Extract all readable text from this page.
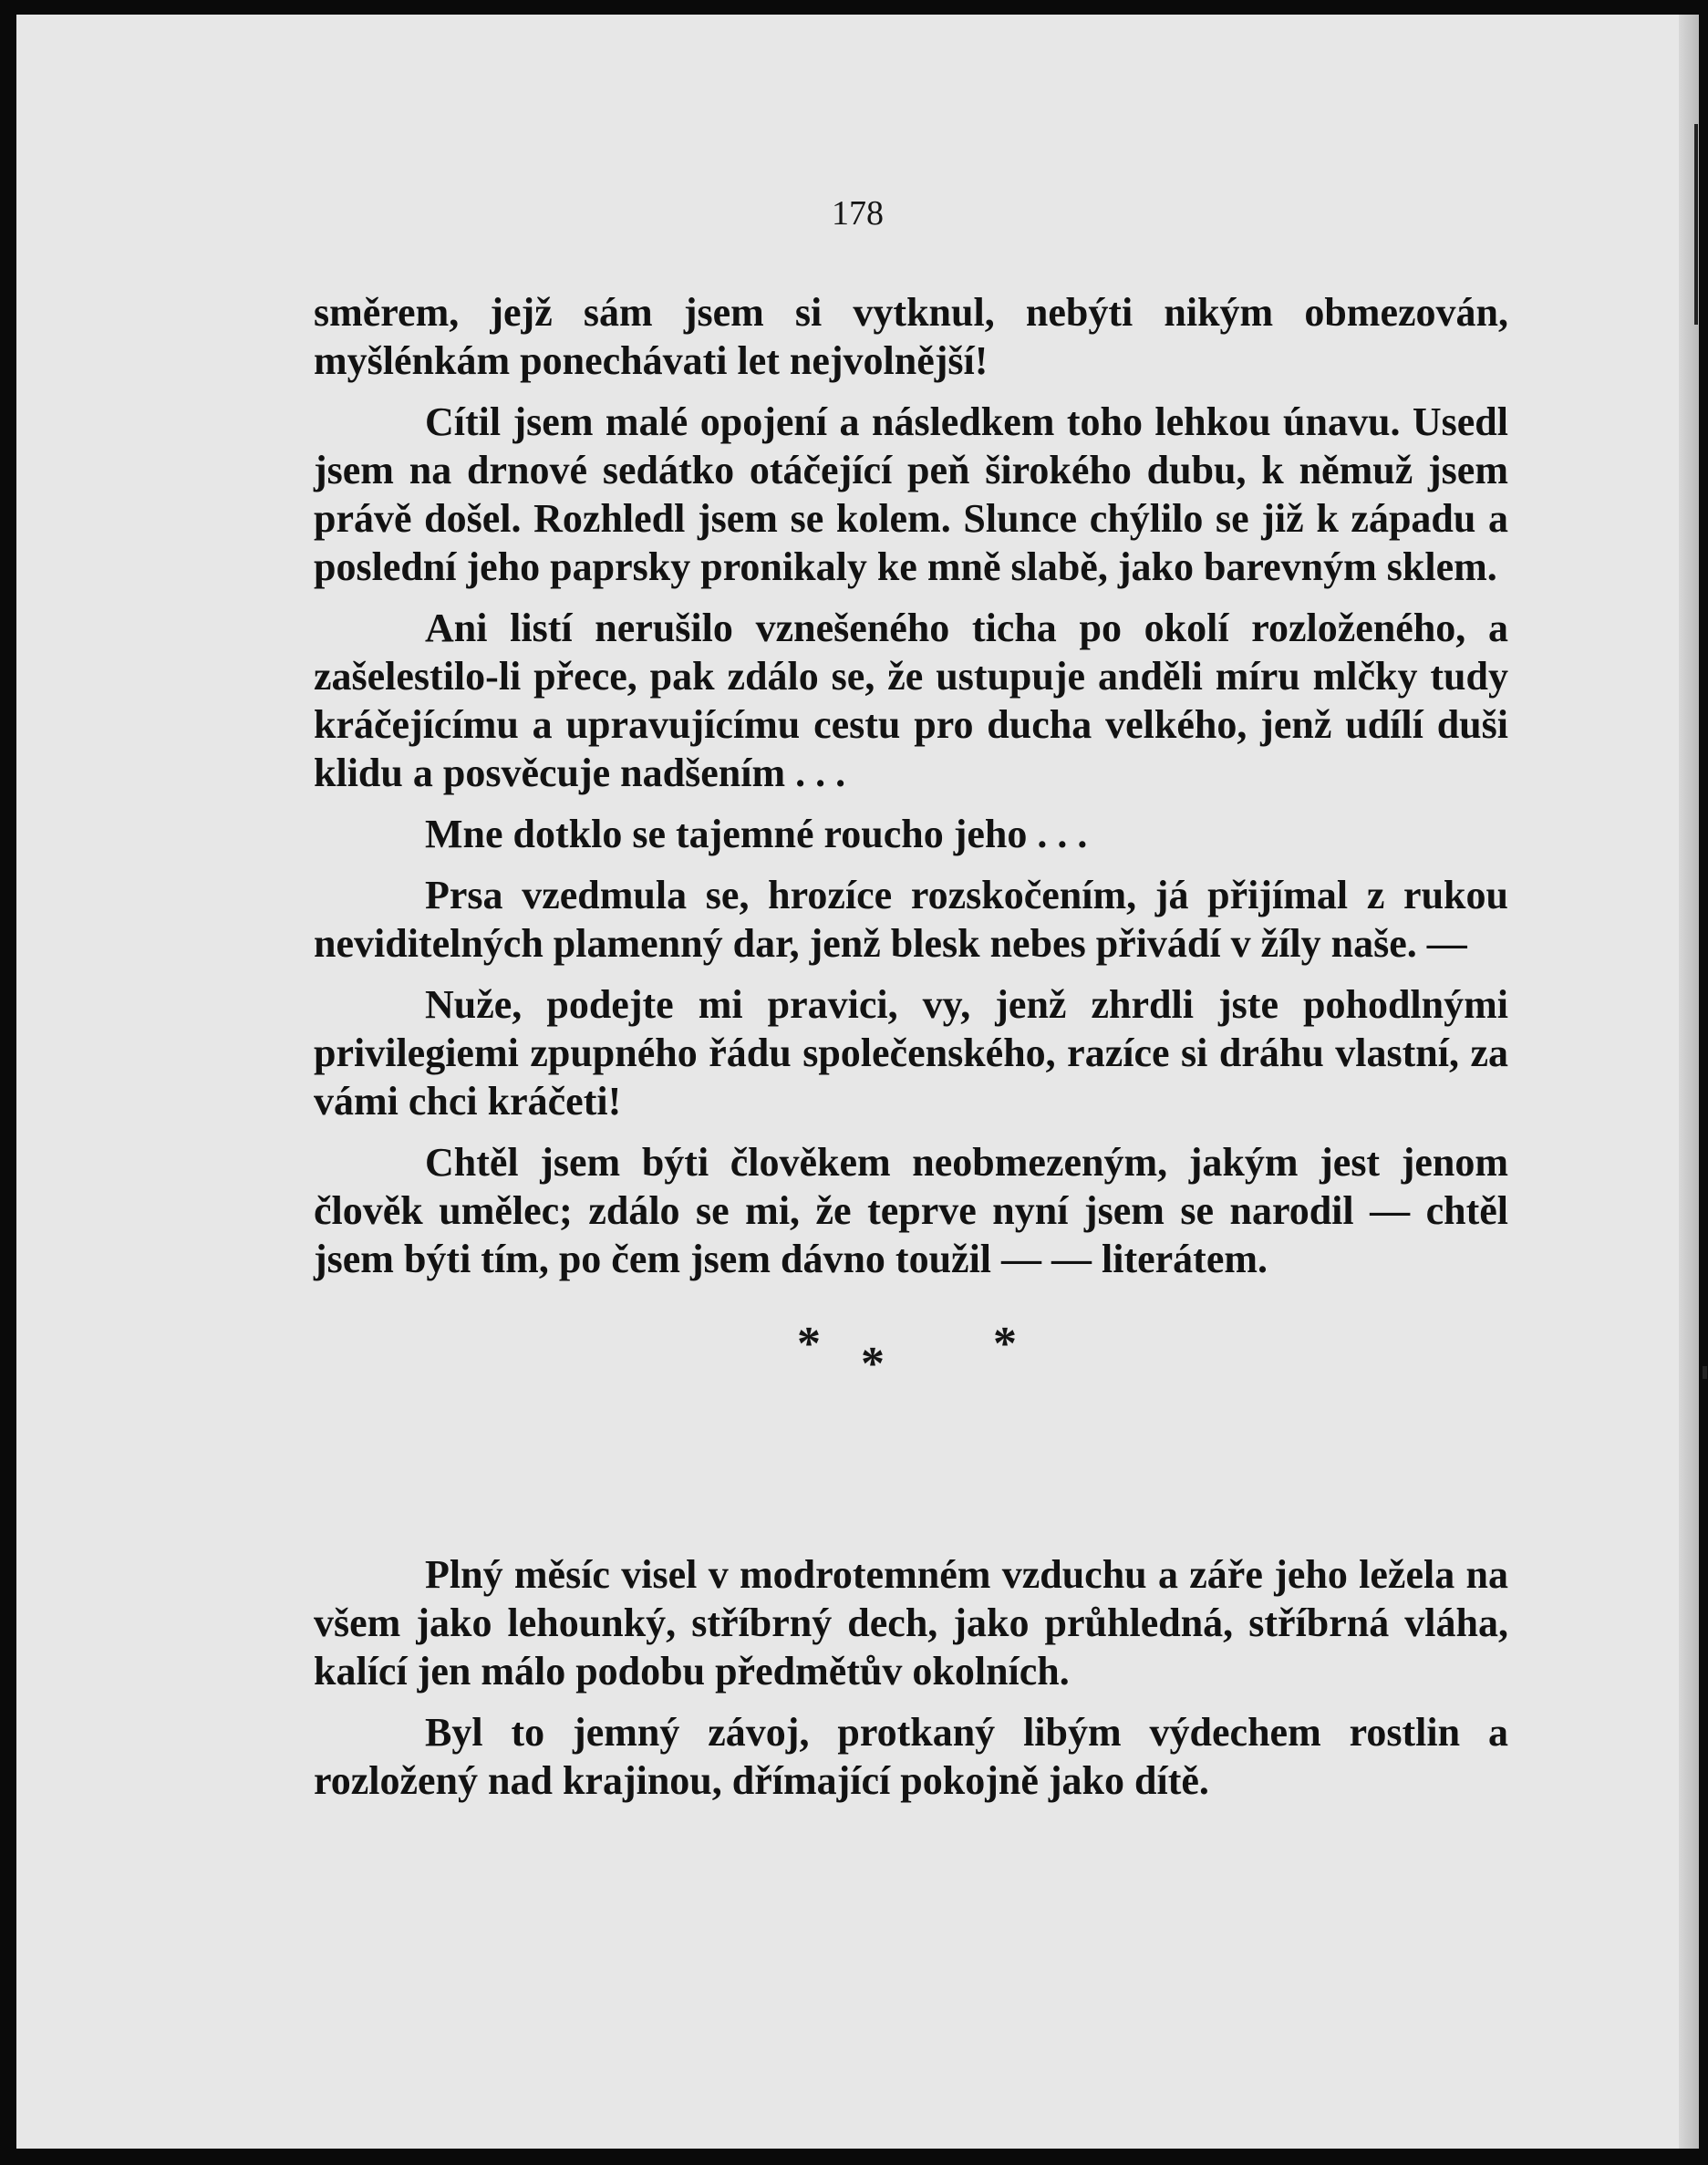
178

směrem, jejž sám jsem si vytknul, nebýti nikým obmezován, myšlénkám ponechávati let nejvolnější!

Cítil jsem malé opojení a následkem toho lehkou únavu. Usedl jsem na drnové sedátko otáčející peň širokého dubu, k němuž jsem právě došel. Rozhledl jsem se kolem. Slunce chýlilo se již k západu a poslední jeho paprsky pronikaly ke mně slabě, jako barevným sklem.

Ani listí nerušilo vznešeného ticha po okolí rozloženého, a zašelestilo-li přece, pak zdálo se, že ustupuje anděli míru mlčky tudy kráčejícímu a upravujícímu cestu pro ducha velkého, jenž udílí duši klidu a posvěcuje nadšením . . .

Mne dotklo se tajemné roucho jeho . . .

Prsa vzedmula se, hrozíce rozskočením, já přijímal z rukou neviditelných plamenný dar, jenž blesk nebes přivádí v žíly naše. —

Nuže, podejte mi pravici, vy, jenž zhrdli jste pohodlnými privilegiemi zpupného řádu společenského, razíce si dráhu vlastní, za vámi chci kráčeti!

Chtěl jsem býti člověkem neobmezeným, jakým jest jenom člověk umělec; zdálo se mi, že teprve nyní jsem se narodil — chtěl jsem býti tím, po čem jsem dávno toužil — — literátem.

* * *

Plný měsíc visel v modrotemném vzduchu a záře jeho ležela na všem jako lehounký, stříbrný dech, jako průhledná, stříbrná vláha, kalící jen málo podobu předmětův okolních.

Byl to jemný závoj, protkaný libým výdechem rostlin a rozložený nad krajinou, dřímající pokojně jako dítě.
